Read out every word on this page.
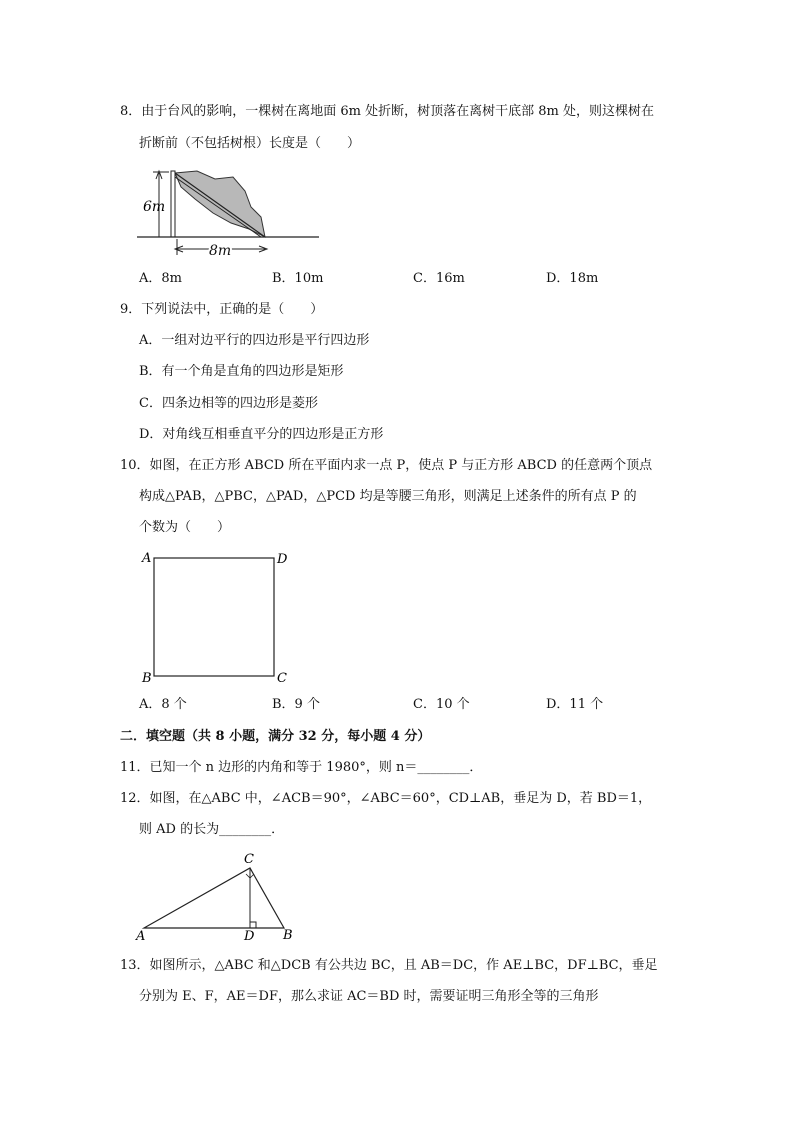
8．由于台风的影响，一棵树在离地面 6m 处折断，树顶落在离树干底部 8m 处，则这棵树在
折断前（不包括树根）长度是（　　）
6m
8m
A．8m	B．10m	C．16m	D．18m
9．下列说法中，正确的是（　　）
A．一组对边平行的四边形是平行四边形
B．有一个角是直角的四边形是矩形
C．四条边相等的四边形是菱形
D．对角线互相垂直平分的四边形是正方形
10．如图，在正方形 ABCD 所在平面内求一点 P，使点 P 与正方形 ABCD 的任意两个顶点
构成△PAB，△PBC，△PAD，△PCD 均是等腰三角形，则满足上述条件的所有点 P 的
个数为（　　）
A	D
B	C
A．8 个	B．9 个	C．10 个	D．11 个
二．填空题（共 8 小题，满分 32 分，每小题 4 分）
11．已知一个 n 边形的内角和等于 1980°，则 n＝________．
12．如图，在△ABC 中，∠ACB＝90°，∠ABC＝60°，CD⊥AB，垂足为 D，若 BD＝1，
则 AD 的长为________．
C
A	D B
13．如图所示，△ABC 和△DCB 有公共边 BC，且 AB＝DC，作 AE⊥BC，DF⊥BC，垂足
分别为 E、F，AE＝DF，那么求证 AC＝BD 时，需要证明三角形全等的三角形
